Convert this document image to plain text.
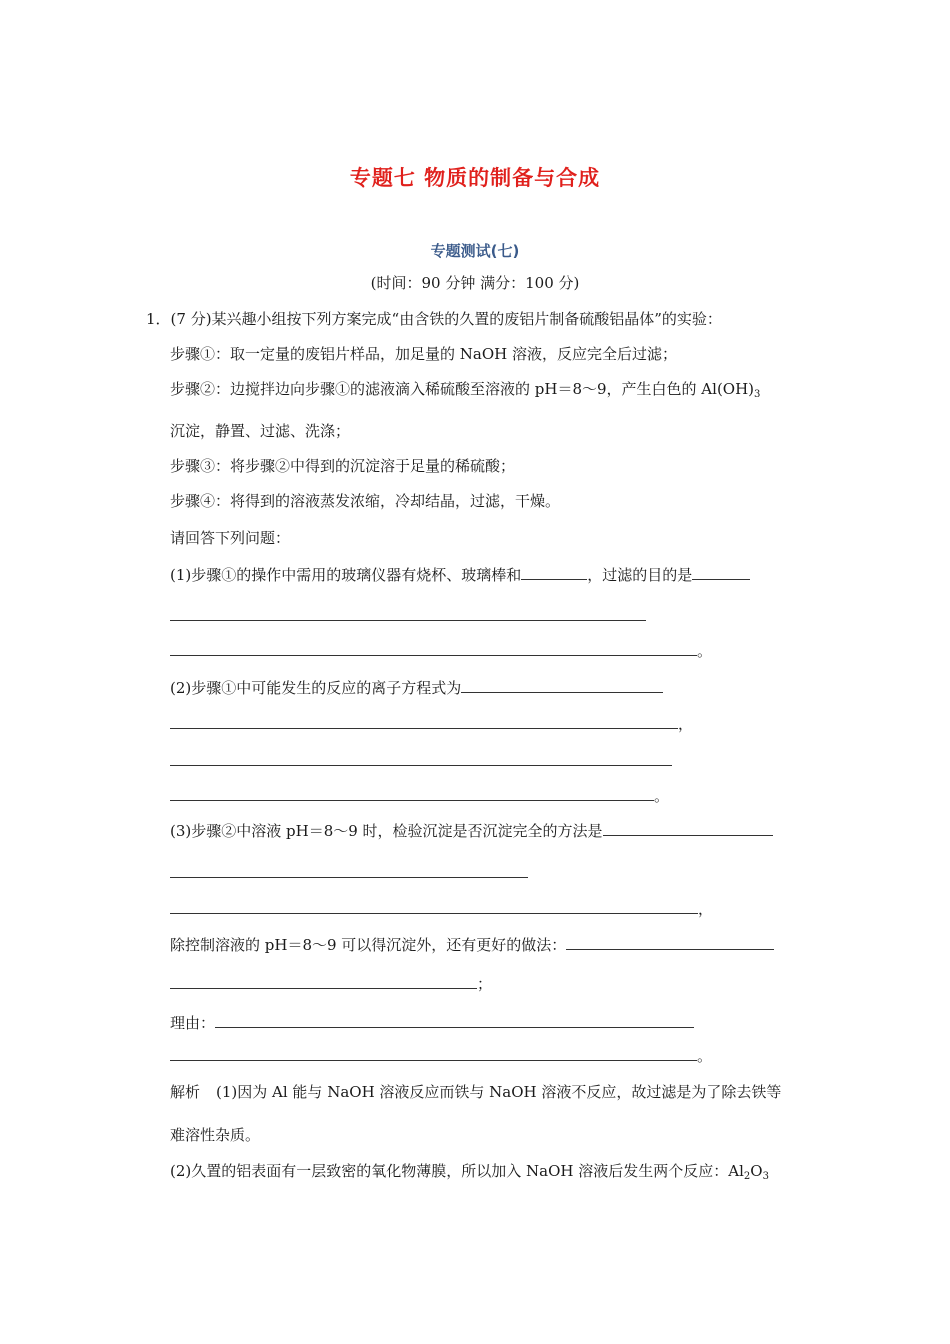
专题七 物质的制备与合成
专题测试(七)
(时间：90 分钟 满分：100 分)
1．(7 分)某兴趣小组按下列方案完成“由含铁的久置的废铝片制备硫酸铝晶体”的实验：
步骤①：取一定量的废铝片样品，加足量的 NaOH 溶液，反应完全后过滤；
步骤②：边搅拌边向步骤①的滤液滴入稀硫酸至溶液的 pH＝8～9，产生白色的 $Al(OH)_3$
沉淀，静置、过滤、洗涤；
步骤③：将步骤②中得到的沉淀溶于足量的稀硫酸；
步骤④：将得到的溶液蒸发浓缩，冷却结晶，过滤，干燥。
请回答下列问题：
(1)步骤①的操作中需用的玻璃仪器有烧杯、玻璃棒和	，过滤的目的是
。
(2)步骤①中可能发生的反应的离子方程式为
，
。
(3)步骤②中溶液 pH＝8～9 时，检验沉淀是否沉淀完全的方法是
，
除控制溶液的 pH＝8～9 可以得沉淀外，还有更好的做法：
；
理由：
。
解析 (1)因为 Al 能与 NaOH 溶液反应而铁与 NaOH 溶液不反应，故过滤是为了除去铁等
难溶性杂质。
(2)久置的铝表面有一层致密的氧化物薄膜，所以加入 NaOH 溶液后发生两个反应：$Al_2O_3$
